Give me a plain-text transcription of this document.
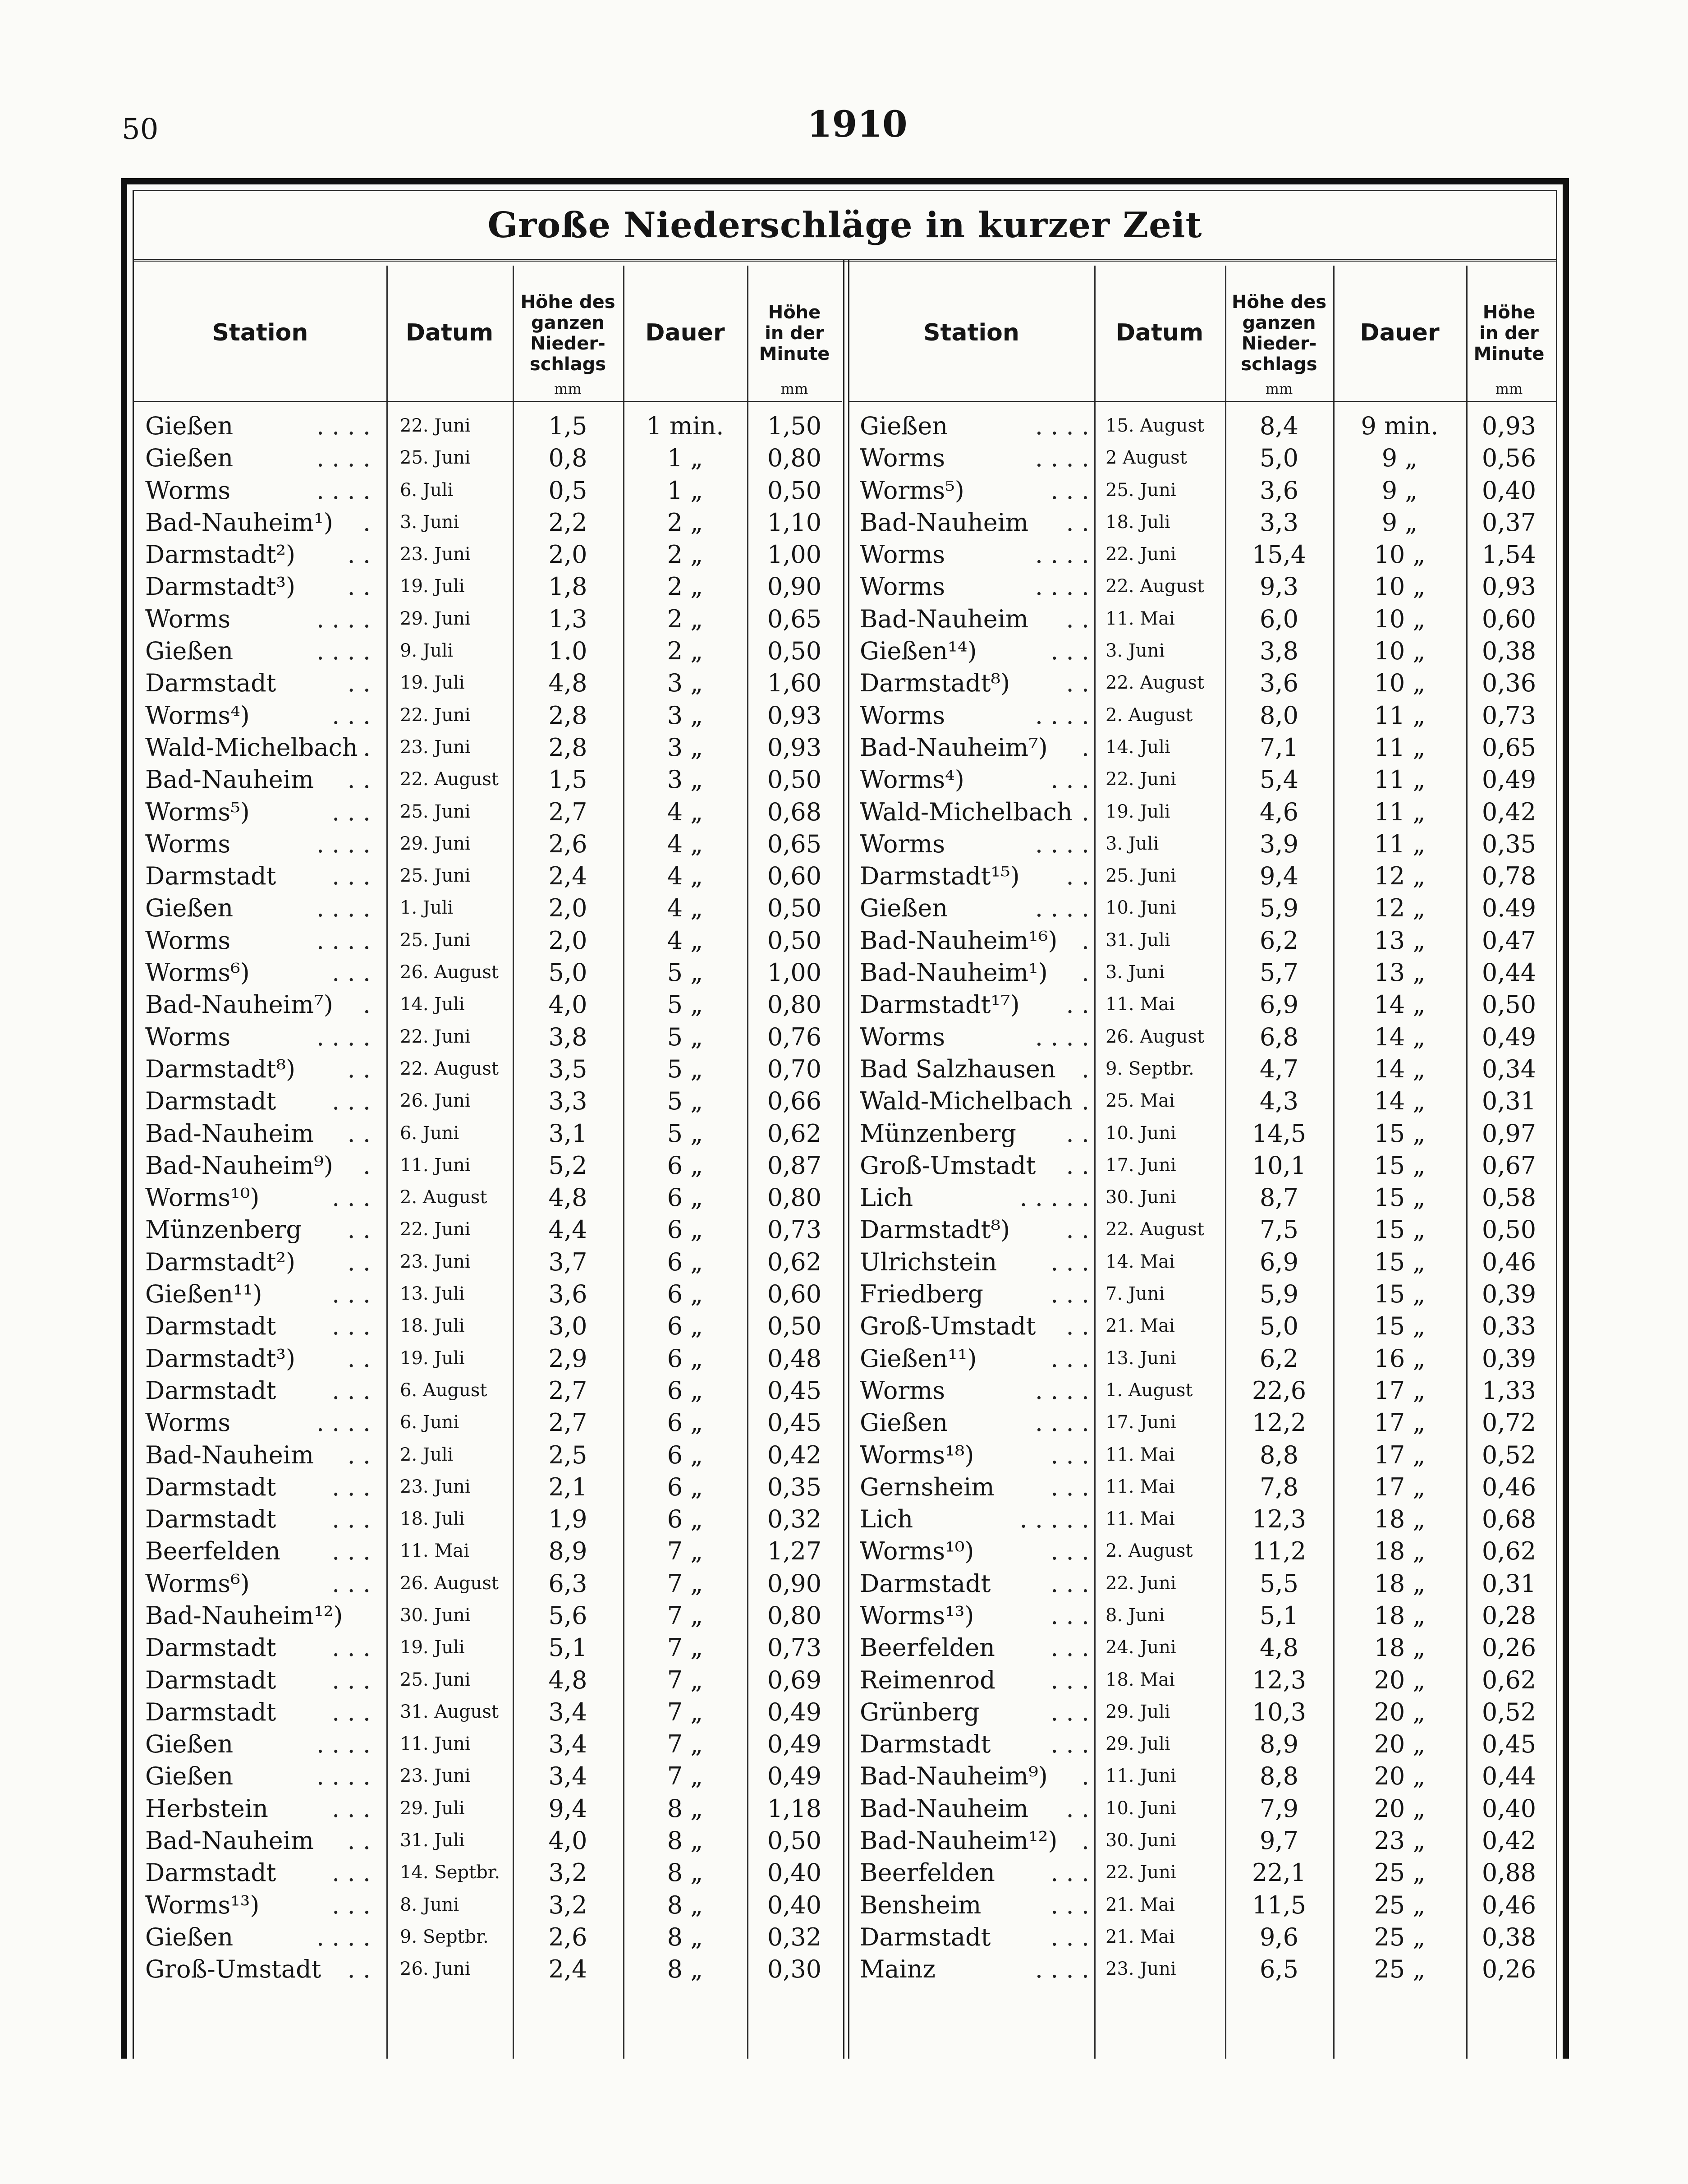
50	1910
Große Niederschläge in kurzer Zeit
Station	Datum
Höhe des
ganzen
Nieder-
schlags
mm
Dauer
Höhe
in der
Minute
mm
Gießen	. . . . 22. Juni	1,5	1 min.	1,50
Gießen	. . . . 25. Juni	0,8	1 „	0,80
Worms	. . . . 6. Juli	0,5	1 „	0,50
Bad-Nauheim¹) . 3. Juni	2,2	2 „	1,10
Darmstadt²) . . 23. Juni	2,0	2 „	1,00
Darmstadt³) . . 19. Juli	1,8	2 „	0,90
Worms	. . . . 29. Juni	1,3	2 „	0,65
Gießen	. . . . 9. Juli	1.0	2 „	0,50
Darmstadt	. . 19. Juli	4,8	3 „	1,60
Worms⁴)	. . . 22. Juni	2,8	3 „	0,93
Wald-Michelbach . 23. Juni	2,8	3 „	0,93
Bad-Nauheim . . 22. August	1,5	3 „	0,50
Worms⁵)	. . . 25. Juni	2,7	4 „	0,68
Worms	. . . . 29. Juni	2,6	4 „	0,65
Darmstadt . . . 25. Juni	2,4	4 „	0,60
Gießen	. . . . 1. Juli	2,0	4 „	0,50
Worms	. . . . 25. Juni	2,0	4 „	0,50
Worms⁶)	. . . 26. August	5,0	5 „	1,00
Bad-Nauheim⁷) . 14. Juli	4,0	5 „	0,80
Worms	. . . . 22. Juni	3,8	5 „	0,76
Darmstadt⁸) . . 22. August	3,5	5 „	0,70
Darmstadt . . . 26. Juni	3,3	5 „	0,66
Bad-Nauheim . . 6. Juni	3,1	5 „	0,62
Bad-Nauheim⁹) . 11. Juni	5,2	6 „	0,87
Worms¹⁰)	. . . 2. August	4,8	6 „	0,80
Münzenberg . . 22. Juni	4,4	6 „	0,73
Darmstadt²) . . 23. Juni	3,7	6 „	0,62
Gießen¹¹)	. . . 13. Juli	3,6	6 „	0,60
Darmstadt . . . 18. Juli	3,0	6 „	0,50
Darmstadt³) . . 19. Juli	2,9	6 „	0,48
Darmstadt . . . 6. August	2,7	6 „	0,45
Worms	. . . . 6. Juni	2,7	6 „	0,45
Bad-Nauheim . . 2. Juli	2,5	6 „	0,42
Darmstadt . . . 23. Juni	2,1	6 „	0,35
Darmstadt . . . 18. Juli	1,9	6 „	0,32
Beerfelden . . . 11. Mai	8,9	7 „	1,27
Worms⁶)	. . . 26. August	6,3	7 „	0,90
Bad-Nauheim¹²)	30. Juni	5,6	7 „	0,80
Darmstadt . . . 19. Juli	5,1	7 „	0,73
Darmstadt . . . 25. Juni	4,8	7 „	0,69
Darmstadt . . . 31. August	3,4	7 „	0,49
Gießen	. . . . 11. Juni	3,4	7 „	0,49
Gießen	. . . . 23. Juni	3,4	7 „	0,49
Herbstein	. . . 29. Juli	9,4	8 „	1,18
Bad-Nauheim . . 31. Juli	4,0	8 „	0,50
Darmstadt . . . 14. Septbr.	3,2	8 „	0,40
Worms¹³)	. . . 8. Juni	3,2	8 „	0,40
Gießen	. . . . 9. Septbr.	2,6	8 „	0,32
Groß-Umstadt . . 26. Juni	2,4	8 „	0,30
Station	Datum
Höhe des
ganzen
Nieder-
schlags
mm
Dauer
Höhe
in der
Minute
mm
Gießen	. . . . 15. August	8,4	9 min.	0,93
Worms	. . . . 2 August	5,0	9 „	0,56
Worms⁵)	. . . 25. Juni	3,6	9 „	0,40
Bad-Nauheim . . 18. Juli	3,3	9 „	0,37
Worms	. . . . 22. Juni	15,4	10 „	1,54
Worms	. . . . 22. August	9,3	10 „	0,93
Bad-Nauheim . . 11. Mai	6,0	10 „	0,60
Gießen¹⁴)	. . . 3. Juni	3,8	10 „	0,38
Darmstadt⁸) . . 22. August	3,6	10 „	0,36
Worms	. . . . 2. August	8,0	11 „	0,73
Bad-Nauheim⁷) . 14. Juli	7,1	11 „	0,65
Worms⁴)	. . . 22. Juni	5,4	11 „	0,49
Wald-Michelbach . 19. Juli	4,6	11 „	0,42
Worms	. . . . 3. Juli	3,9	11 „	0,35
Darmstadt¹⁵) . . 25. Juni	9,4	12 „	0,78
Gießen	. . . . 10. Juni	5,9	12 „	0.49
Bad-Nauheim¹⁶) . 31. Juli	6,2	13 „	0,47
Bad-Nauheim¹) . 3. Juni	5,7	13 „	0,44
Darmstadt¹⁷) . . 11. Mai	6,9	14 „	0,50
Worms	. . . . 26. August	6,8	14 „	0,49
Bad Salzhausen . 9. Septbr.	4,7	14 „	0,34
Wald-Michelbach . 25. Mai	4,3	14 „	0,31
Münzenberg . . 10. Juni	14,5	15 „	0,97
Groß-Umstadt . . 17. Juni	10,1	15 „	0,67
Lich	. . . . . 30. Juni	8,7	15 „	0,58
Darmstadt⁸) . . 22. August	7,5	15 „	0,50
Ulrichstein . . . 14. Mai	6,9	15 „	0,46
Friedberg	. . . 7. Juni	5,9	15 „	0,39
Groß-Umstadt . . 21. Mai	5,0	15 „	0,33
Gießen¹¹)	. . . 13. Juni	6,2	16 „	0,39
Worms	. . . . 1. August	22,6	17 „	1,33
Gießen	. . . . 17. Juni	12,2	17 „	0,72
Worms¹⁸)	. . . 11. Mai	8,8	17 „	0,52
Gernsheim . . . 11. Mai	7,8	17 „	0,46
Lich	. . . . . 11. Mai	12,3	18 „	0,68
Worms¹⁰)	. . . 2. August	11,2	18 „	0,62
Darmstadt . . . 22. Juni	5,5	18 „	0,31
Worms¹³)	. . . 8. Juni	5,1	18 „	0,28
Beerfelden . . . 24. Juni	4,8	18 „	0,26
Reimenrod . . . 18. Mai	12,3	20 „	0,62
Grünberg	. . . 29. Juli	10,3	20 „	0,52
Darmstadt . . . 29. Juli	8,9	20 „	0,45
Bad-Nauheim⁹) . 11. Juni	8,8	20 „	0,44
Bad-Nauheim . . 10. Juni	7,9	20 „	0,40
Bad-Nauheim¹²) . 30. Juni	9,7	23 „	0,42
Beerfelden . . . 22. Juni	22,1	25 „	0,88
Bensheim	. . . 21. Mai	11,5	25 „	0,46
Darmstadt . . . 21. Mai	9,6	25 „	0,38
Mainz	. . . . 23. Juni	6,5	25 „	0,26
